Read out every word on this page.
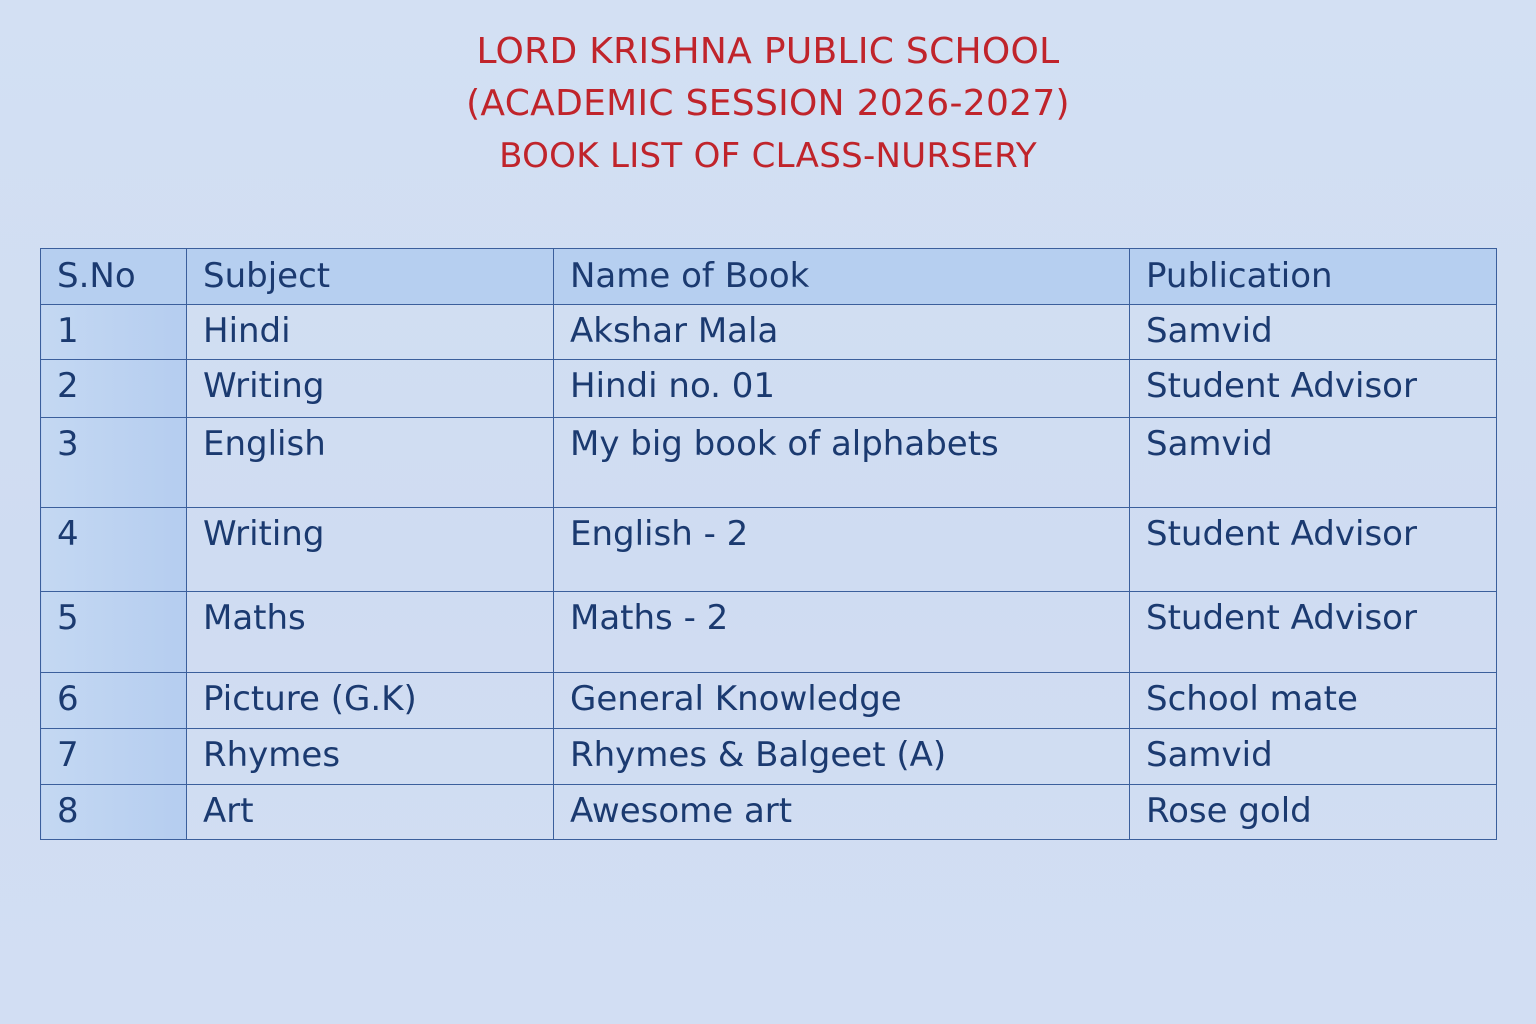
LORD KRISHNA PUBLIC SCHOOL
(ACADEMIC SESSION 2026-2027)
BOOK LIST OF CLASS-NURSERY
S.No	Subject	Name of Book	Publication
1	Hindi	Akshar Mala	Samvid
2	Writing	Hindi no. 01	Student Advisor
3	English	My big book of alphabets	Samvid
4	Writing	English - 2	Student Advisor
5	Maths	Maths - 2	Student Advisor
6	Picture (G.K)	General Knowledge	School mate
7	Rhymes	Rhymes & Balgeet (A)	Samvid
8	Art	Awesome art	Rose gold
